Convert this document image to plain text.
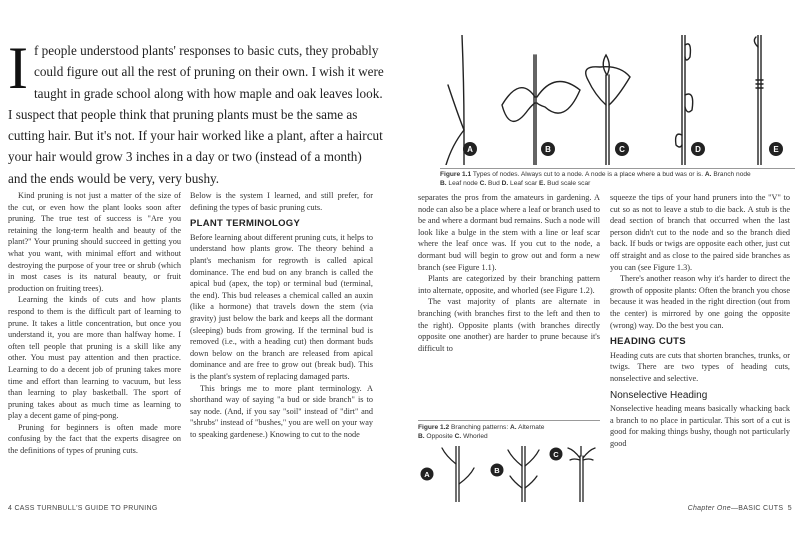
I f people understood plants' responses to basic cuts, they probably could figure out all the rest of pruning on their own. I wish it were taught in grade school along with how maple and oak leaves look. I suspect that people think that pruning plants must be the same as cutting hair. But it's not. If your hair worked like a plant, after a haircut your hair would grow 3 inches in a day or two (instead of a month) and the ends would be very, very bushy.

Kind pruning is not just a matter of the size of the cut, or even how the plant looks soon after pruning. The true test of success is "Are you retaining the long-term health and beauty of the plant?" Your pruning should succeed in getting you what you want, with minimal effort and without destroying the purpose of your tree or shrub (which in most cases is its natural beauty, or fruit production on fruiting trees).

Learning the kinds of cuts and how plants respond to them is the difficult part of learning to prune. It takes a little concentration, but once you understand it, you are more than halfway home. I often tell people that pruning is a skill like any other. You must pay attention and then practice. Learning to do a decent job of pruning takes more time and effort than learning to vacuum, but less than learning to play basketball. The sport of pruning takes about as much time as learning to play a decent game of ping-pong.

Pruning for beginners is often made more confusing by the fact that the experts disagree on the definitions of types of pruning cuts.

Below is the system I learned, and still prefer, for defining the types of basic pruning cuts.

PLANT TERMINOLOGY

Before learning about different pruning cuts, it helps to understand how plants grow. The theory behind a plant's mechanism for regrowth is called apical dominance. The end bud on any branch is called the apical bud (apex, the top) or terminal bud (terminal, the end). This bud releases a chemical called an auxin (like a hormone) that travels down the stem (via gravity) just below the bark and keeps all the dormant (sleeping) buds from growing. If the terminal bud is removed (i.e., with a heading cut) then dormant buds down below on the branch are released from apical dominance and are free to grow out (break bud). This is the plant's system of replacing damaged parts.

This brings me to more plant terminology. A shorthand way of saying "a bud or side branch" is to say node. (And, if you say "soil" instead of "dirt" and "shrubs" instead of "bushes," you are well on your way to speaking gardenese.) Knowing to cut to the node

4 CASS TURNBULL'S GUIDE TO PRUNING
A	B	C	D	E
Figure 1.1 Types of nodes. Always cut to a node. A node is a place where a bud was or is. A. Branch node
B. Leaf node C. Bud D. Leaf scar E. Bud scale scar

separates the pros from the amateurs in gardening. A node can also be a place where a leaf or branch used to be and where a dormant bud remains. Such a node will look like a bulge in the stem with a line or leaf scar where the leaf once was. If you cut to the node, a dormant bud will begin to grow out and form a new branch (see Figure 1.1).

Plants are categorized by their branching pattern into alternate, opposite, and whorled (see Figure 1.2).

The vast majority of plants are alternate in branching (with branches first to the left and then to the right). Opposite plants (with branches directly opposite one another) are harder to prune because it's difficult to

Figure 1.2 Branching patterns: A. Alternate
B. Opposite C. Whorled
A	B
C

squeeze the tips of your hand pruners into the "V" to cut so as not to leave a stub to die back. A stub is the dead section of branch that occurred when the last person didn't cut to the node and so the branch died back. If buds or twigs are opposite each other, just cut off straight and as close to the paired side branches as you can (see Figure 1.3).

There's another reason why it's harder to direct the growth of opposite plants: Often the branch you chose because it was headed in the right direction (out from the center) is mirrored by one going the opposite (wrong) way. Do the best you can.

HEADING CUTS

Heading cuts are cuts that shorten branches, trunks, or twigs. There are two types of heading cuts, nonselective and selective.

Nonselective Heading

Nonselective heading means basically whacking back a branch to no place in particular. This sort of a cut is good for making things bushy, though not particularly good

Chapter One—BASIC CUTS 5
